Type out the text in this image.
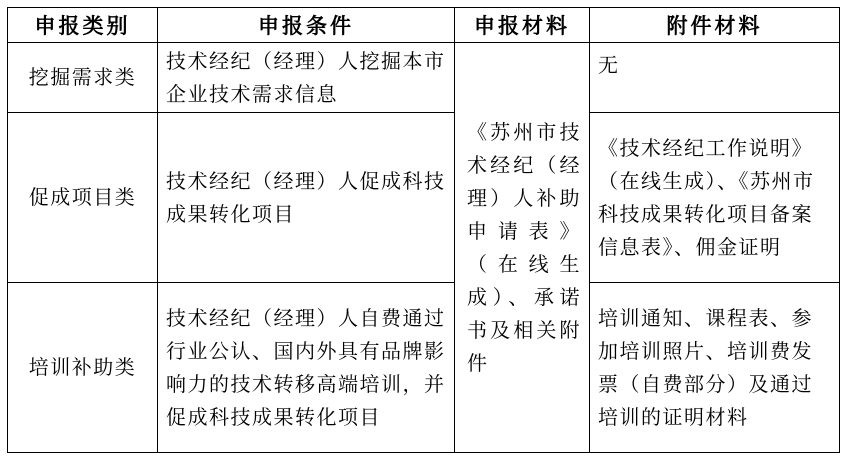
申报类别	申报条件	申报材料	附件材料
挖掘需求类	技术经纪（经理）人挖掘本市企业技术需求信息	《苏州市技术经纪（经理）人补助申请表》（在线生成）、承诺书及相关附件	无
促成项目类	技术经纪（经理）人促成科技成果转化项目		《技术经纪工作说明》（在线生成）、《苏州市科技成果转化项目备案信息表》、佣金证明
培训补助类	技术经纪（经理）人自费通过行业公认、国内外具有品牌影响力的技术转移高端培训，并促成科技成果转化项目		培训通知、课程表、参加培训照片、培训费发票（自费部分）及通过培训的证明材料
